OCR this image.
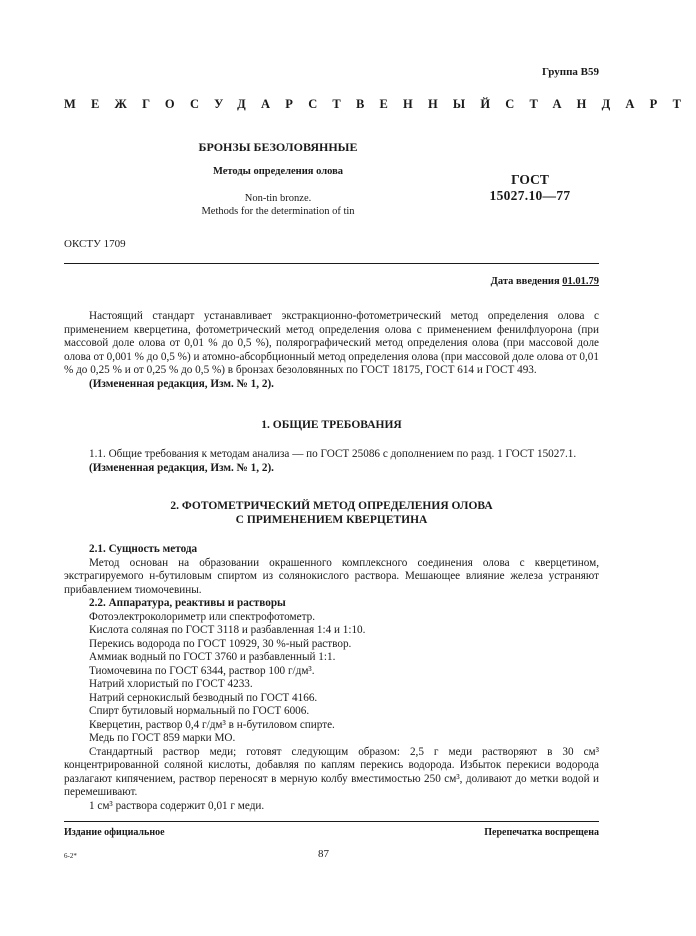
Группа В59
МЕЖГОСУДАРСТВЕННЫЙ СТАНДАРТ
БРОНЗЫ БЕЗОЛОВЯННЫЕ
Методы определения олова
Non-tin bronze.
Methods for the determination of tin
ГОСТ
15027.10—77
ОКСТУ 1709
Дата введения 01.01.79

Настоящий стандарт устанавливает экстракционно-фотометрический метод определения олова с применением кверцетина, фотометрический метод определения олова с применением фенилфлуорона (при массовой доле олова от 0,01 % до 0,5 %), полярографический метод определения олова (при массовой доле олова от 0,001 % до 0,5 %) и атомно-абсорбционный метод определения олова (при массовой доле олова от 0,01 % до 0,25 % и от 0,25 % до 0,5 %) в бронзах безоловянных по ГОСТ 18175, ГОСТ 614 и ГОСТ 493.

(Измененная редакция, Изм. № 1, 2).

1. ОБЩИЕ ТРЕБОВАНИЯ

1.1. Общие требования к методам анализа — по ГОСТ 25086 с дополнением по разд. 1 ГОСТ 15027.1.

(Измененная редакция, Изм. № 1, 2).

2. ФОТОМЕТРИЧЕСКИЙ МЕТОД ОПРЕДЕЛЕНИЯ ОЛОВА
С ПРИМЕНЕНИЕМ КВЕРЦЕТИНА

2.1. Сущность метода

Метод основан на образовании окрашенного комплексного соединения олова с кверцетином, экстрагируемого н-бутиловым спиртом из солянокислого раствора. Мешающее влияние железа устраняют прибавлением тиомочевины.

2.2. Аппаратура, реактивы и растворы

Фотоэлектроколориметр или спектрофотометр.

Кислота соляная по ГОСТ 3118 и разбавленная 1:4 и 1:10.

Перекись водорода по ГОСТ 10929, 30 %-ный раствор.

Аммиак водный по ГОСТ 3760 и разбавленный 1:1.

Тиомочевина по ГОСТ 6344, раствор 100 г/дм³.

Натрий хлористый по ГОСТ 4233.

Натрий сернокислый безводный по ГОСТ 4166.

Спирт бутиловый нормальный по ГОСТ 6006.

Кверцетин, раствор 0,4 г/дм³ в н-бутиловом спирте.

Медь по ГОСТ 859 марки МО.

Стандартный раствор меди; готовят следующим образом: 2,5 г меди растворяют в 30 см³ концентрированной соляной кислоты, добавляя по каплям перекись водорода. Избыток перекиси водорода разлагают кипячением, раствор переносят в мерную колбу вместимостью 250 см³, доливают до метки водой и перемешивают.

1 см³ раствора содержит 0,01 г меди.

Издание официальное	Перепечатка воспрещена
87
6-2*
